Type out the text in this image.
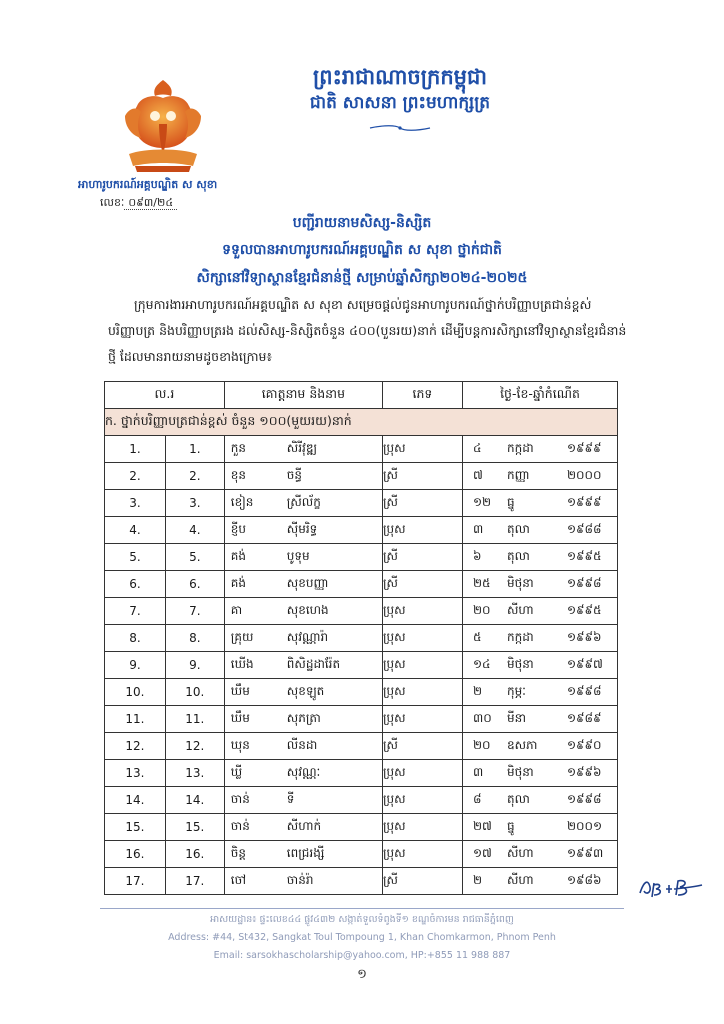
ព្រះរាជាណាចក្រកម្ពុជា
ជាតិ សាសនា ព្រះមហាក្សត្រ
អាហារូបករណ៍អគ្គបណ្ឌិត ស សុខា
លេខៈ ០៩៣/២៤
បញ្ជីរាយនាមសិស្ស-និស្សិត
ទទួលបានអាហារូបករណ៍អគ្គបណ្ឌិត ស សុខា ថ្នាក់ជាតិ
សិក្សានៅវិទ្យាស្ថានខ្មែរជំនាន់ថ្មី សម្រាប់ឆ្នាំសិក្សា២០២៤-២០២៥
ក្រុមការងារអាហារូបករណ៍អគ្គបណ្ឌិត ស សុខា សម្រេចផ្តល់ជូនអាហារូបករណ៍ថ្នាក់បរិញ្ញាបត្រជាន់ខ្ពស់ បរិញ្ញាបត្រ និងបរិញ្ញាបត្ររង ដល់សិស្ស-និស្សិតចំនួន ៤០០(បួនរយ)នាក់ ដើម្បីបន្តការសិក្សានៅវិទ្យាស្ថានខ្មែរជំនាន់ថ្មី ដែលមានរាយនាមដូចខាងក្រោម៖
ល.រ		គោត្តនាម និងនាម	ភេទ	ថ្ងៃ-ខែ-ឆ្នាំកំណើត
ក. ថ្នាក់បរិញ្ញាបត្រជាន់ខ្ពស់ ចំនួន ១០០(មួយរយ)នាក់				
1.	1.	កួន សិរីវុឌ្ឍ	ប្រុស	៤ កក្កដា ១៩៩៩

2.	2.	ខុន ចន្ធី	ស្រី	៧ កញ្ញា ២០០០

3.	3.	ខៀន ស្រីល័ក្ខ	ស្រី	១២ ធ្នូ ១៩៩៩

4.	4.	ខ្ញីប ស៊ីមរិទ្ធ	ប្រុស	៣ តុលា ១៩៨៨

5.	5.	គង់ បូទុម	ស្រី	៦ តុលា ១៩៩៥

6.	6.	គង់ សុខបញ្ញា	ស្រី	២៥ មិថុនា ១៩៩៨

7.	7.	គា សុខហេង	ប្រុស	២០ សីហា ១៩៩៥

8.	8.	គ្រុយ សុវណ្ណារ៉ា	ប្រុស	៥ កក្កដា ១៩៩៦

9.	9.	ឃើង ពិសិដ្ឋដារ៉ែត	ប្រុស	១៤ មិថុនា ១៩៩៧

10.	10.	ឃឹម សុខឡូត	ប្រុស	២ កុម្ភៈ ១៩៩៨

11.	11.	ឃឹម សុភត្រា	ប្រុស	៣០ មីនា ១៩៨៩

12.	12.	ឃុន លីនដា	ស្រី	២០ ឧសភា ១៩៩០

13.	13.	ឃ្លី សុវណ្ណៈ	ប្រុស	៣ មិថុនា ១៩៩៦

14.	14.	ចាន់ ទី	ប្រុស	៨ តុលា ១៩៩៨

15.	15.	ចាន់ សីហាក់	ប្រុស	២៧ ធ្នូ ២០០១

16.	16.	ចិន្ត ពេជ្ររង្សី	ប្រុស	១៧ សីហា ១៩៩៣

17.	17.	ចៅ ចាន់រ៉ា	ស្រី	២ សីហា ១៩៨៦
អាសយដ្ឋាន៖ ផ្ទះលេខ៤៤ ផ្លូវ៤៣២ សង្កាត់ទួលទំពូងទី១ ខណ្ឌចំការមន រាជធានីភ្នំពេញ
Address: #44, St432, Sangkat Toul Tompoung 1, Khan Chomkarmon, Phnom Penh
Email: sarsokhascholarship@yahoo.com, HP:+855 11 988 887
១
